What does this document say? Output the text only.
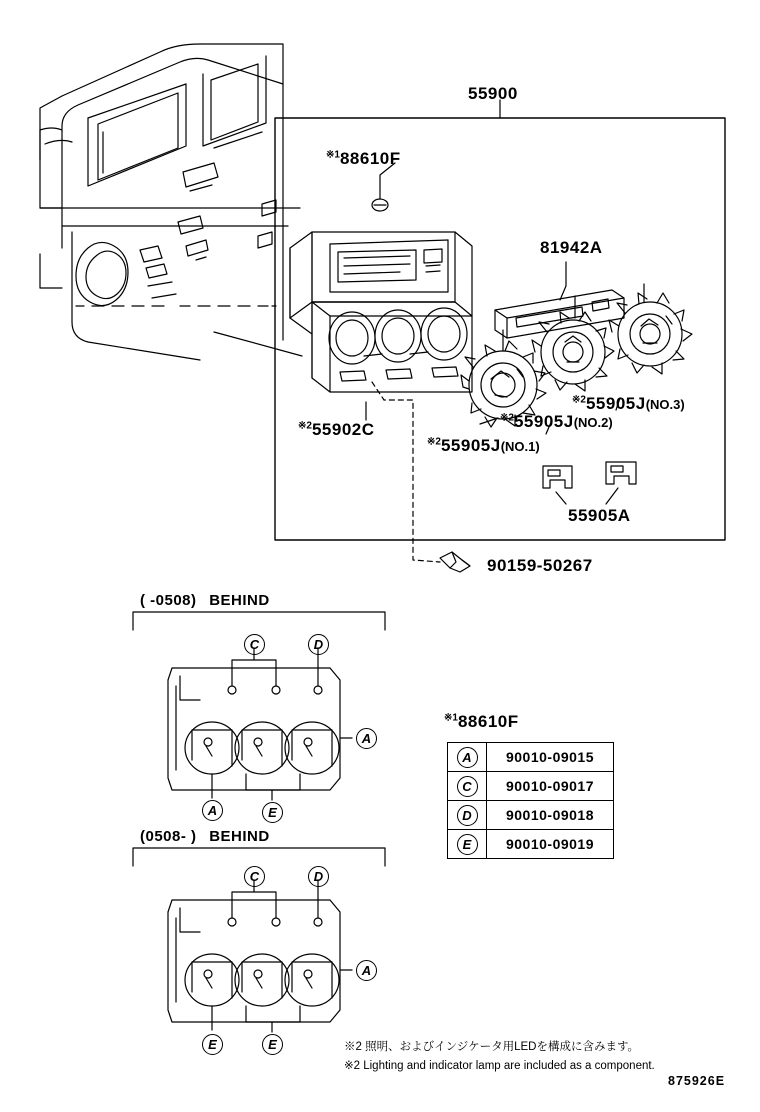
55900
$^{※1}$88610F
81942A
$^{※2}$55902C
$^{※2}$55905J(NO.1)
$^{※2}$55905J(NO.2)
$^{※2}$55905J(NO.3)
55905A
90159-50267
( -0508) BEHIND
(0508- ) BEHIND
C	D
A
A	E
C	D
A
E	E
$^{※1}$88610F
A	90010-09015
C	90010-09017
D	90010-09018
E	90010-09019
※2 照明、およびインジケータ用LEDを構成に含みます。
※2 Lighting and indicator lamp are included as a component.
875926E
